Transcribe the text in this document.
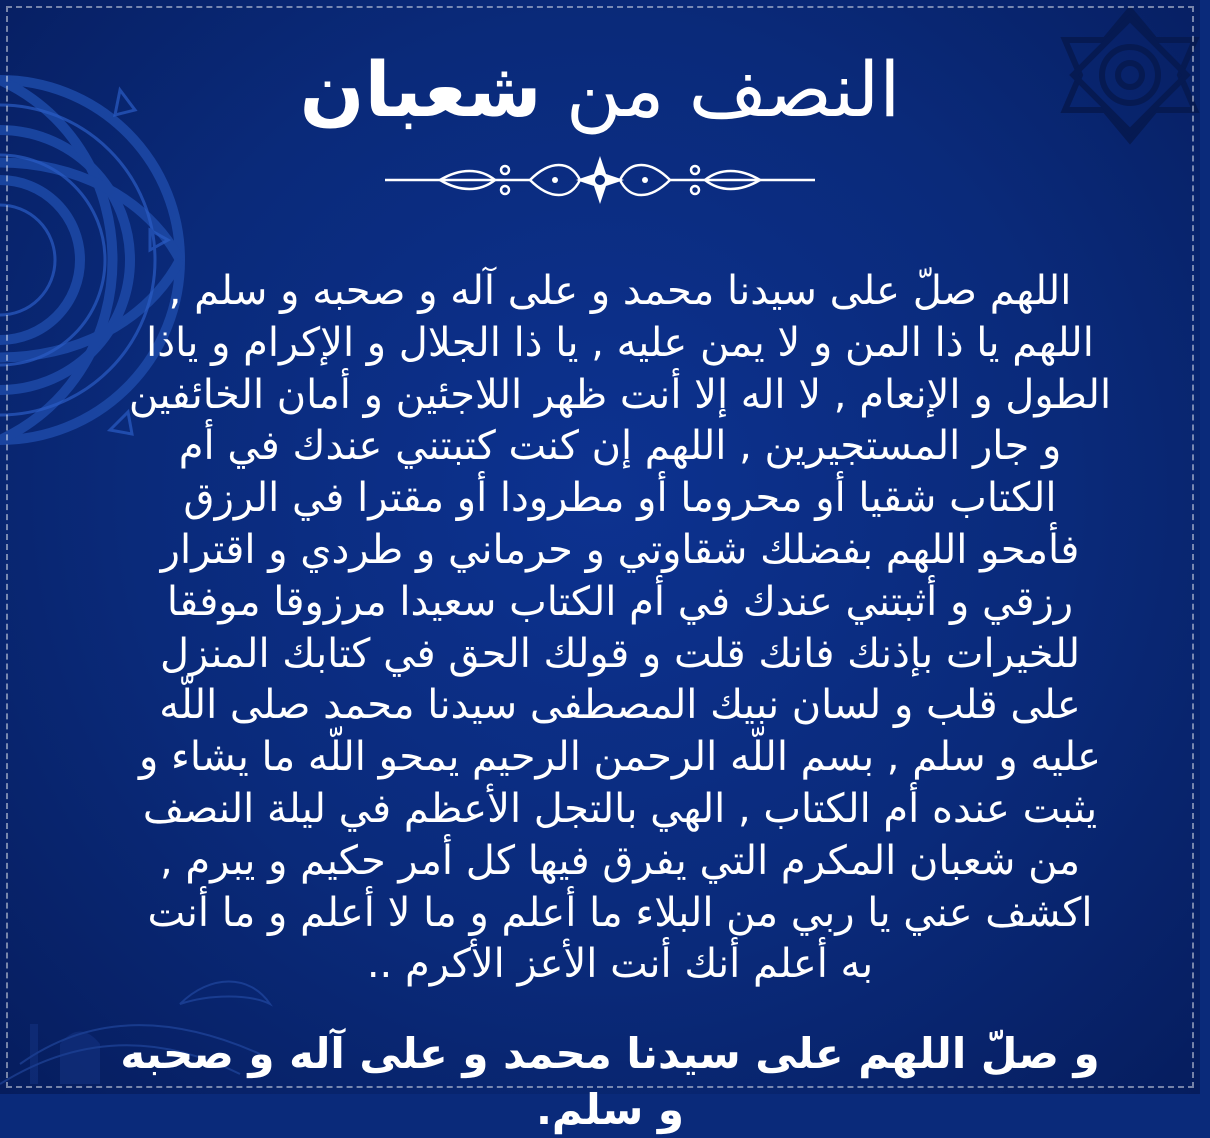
النصف من شعبان

اللهم صلّ على سيدنا محمد و على آله و صحبه و سلم ,
اللهم يا ذا المن و لا يمن عليه , يا ذا الجلال و الإكرام و ياذا
الطول و الإنعام , لا اله إلا أنت ظهر اللاجئين و أمان الخائفين
و جار المستجيرين , اللهم إن كنت كتبتني عندك في أم
الكتاب شقيا أو محروما أو مطرودا أو مقترا في الرزق
فأمحو اللهم بفضلك شقاوتي و حرماني و طردي و اقترار
رزقي و أثبتني عندك في أم الكتاب سعيدا مرزوقا موفقا
للخيرات بإذنك فانك قلت و قولك الحق في كتابك المنزل
على قلب و لسان نبيك المصطفى سيدنا محمد صلى اللّه
عليه و سلم , بسم اللّه الرحمن الرحيم يمحو اللّه ما يشاء و
يثبت عنده أم الكتاب , الهي بالتجل الأعظم في ليلة النصف
من شعبان المكرم التي يفرق فيها كل أمر حكيم و يبرم ,
اكشف عني يا ربي من البلاء ما أعلم و ما لا أعلم و ما أنت
به أعلم أنك أنت الأعز الأكرم ..

و صلّ اللهم على سيدنا محمد و على آله و صحبه و سلم.
